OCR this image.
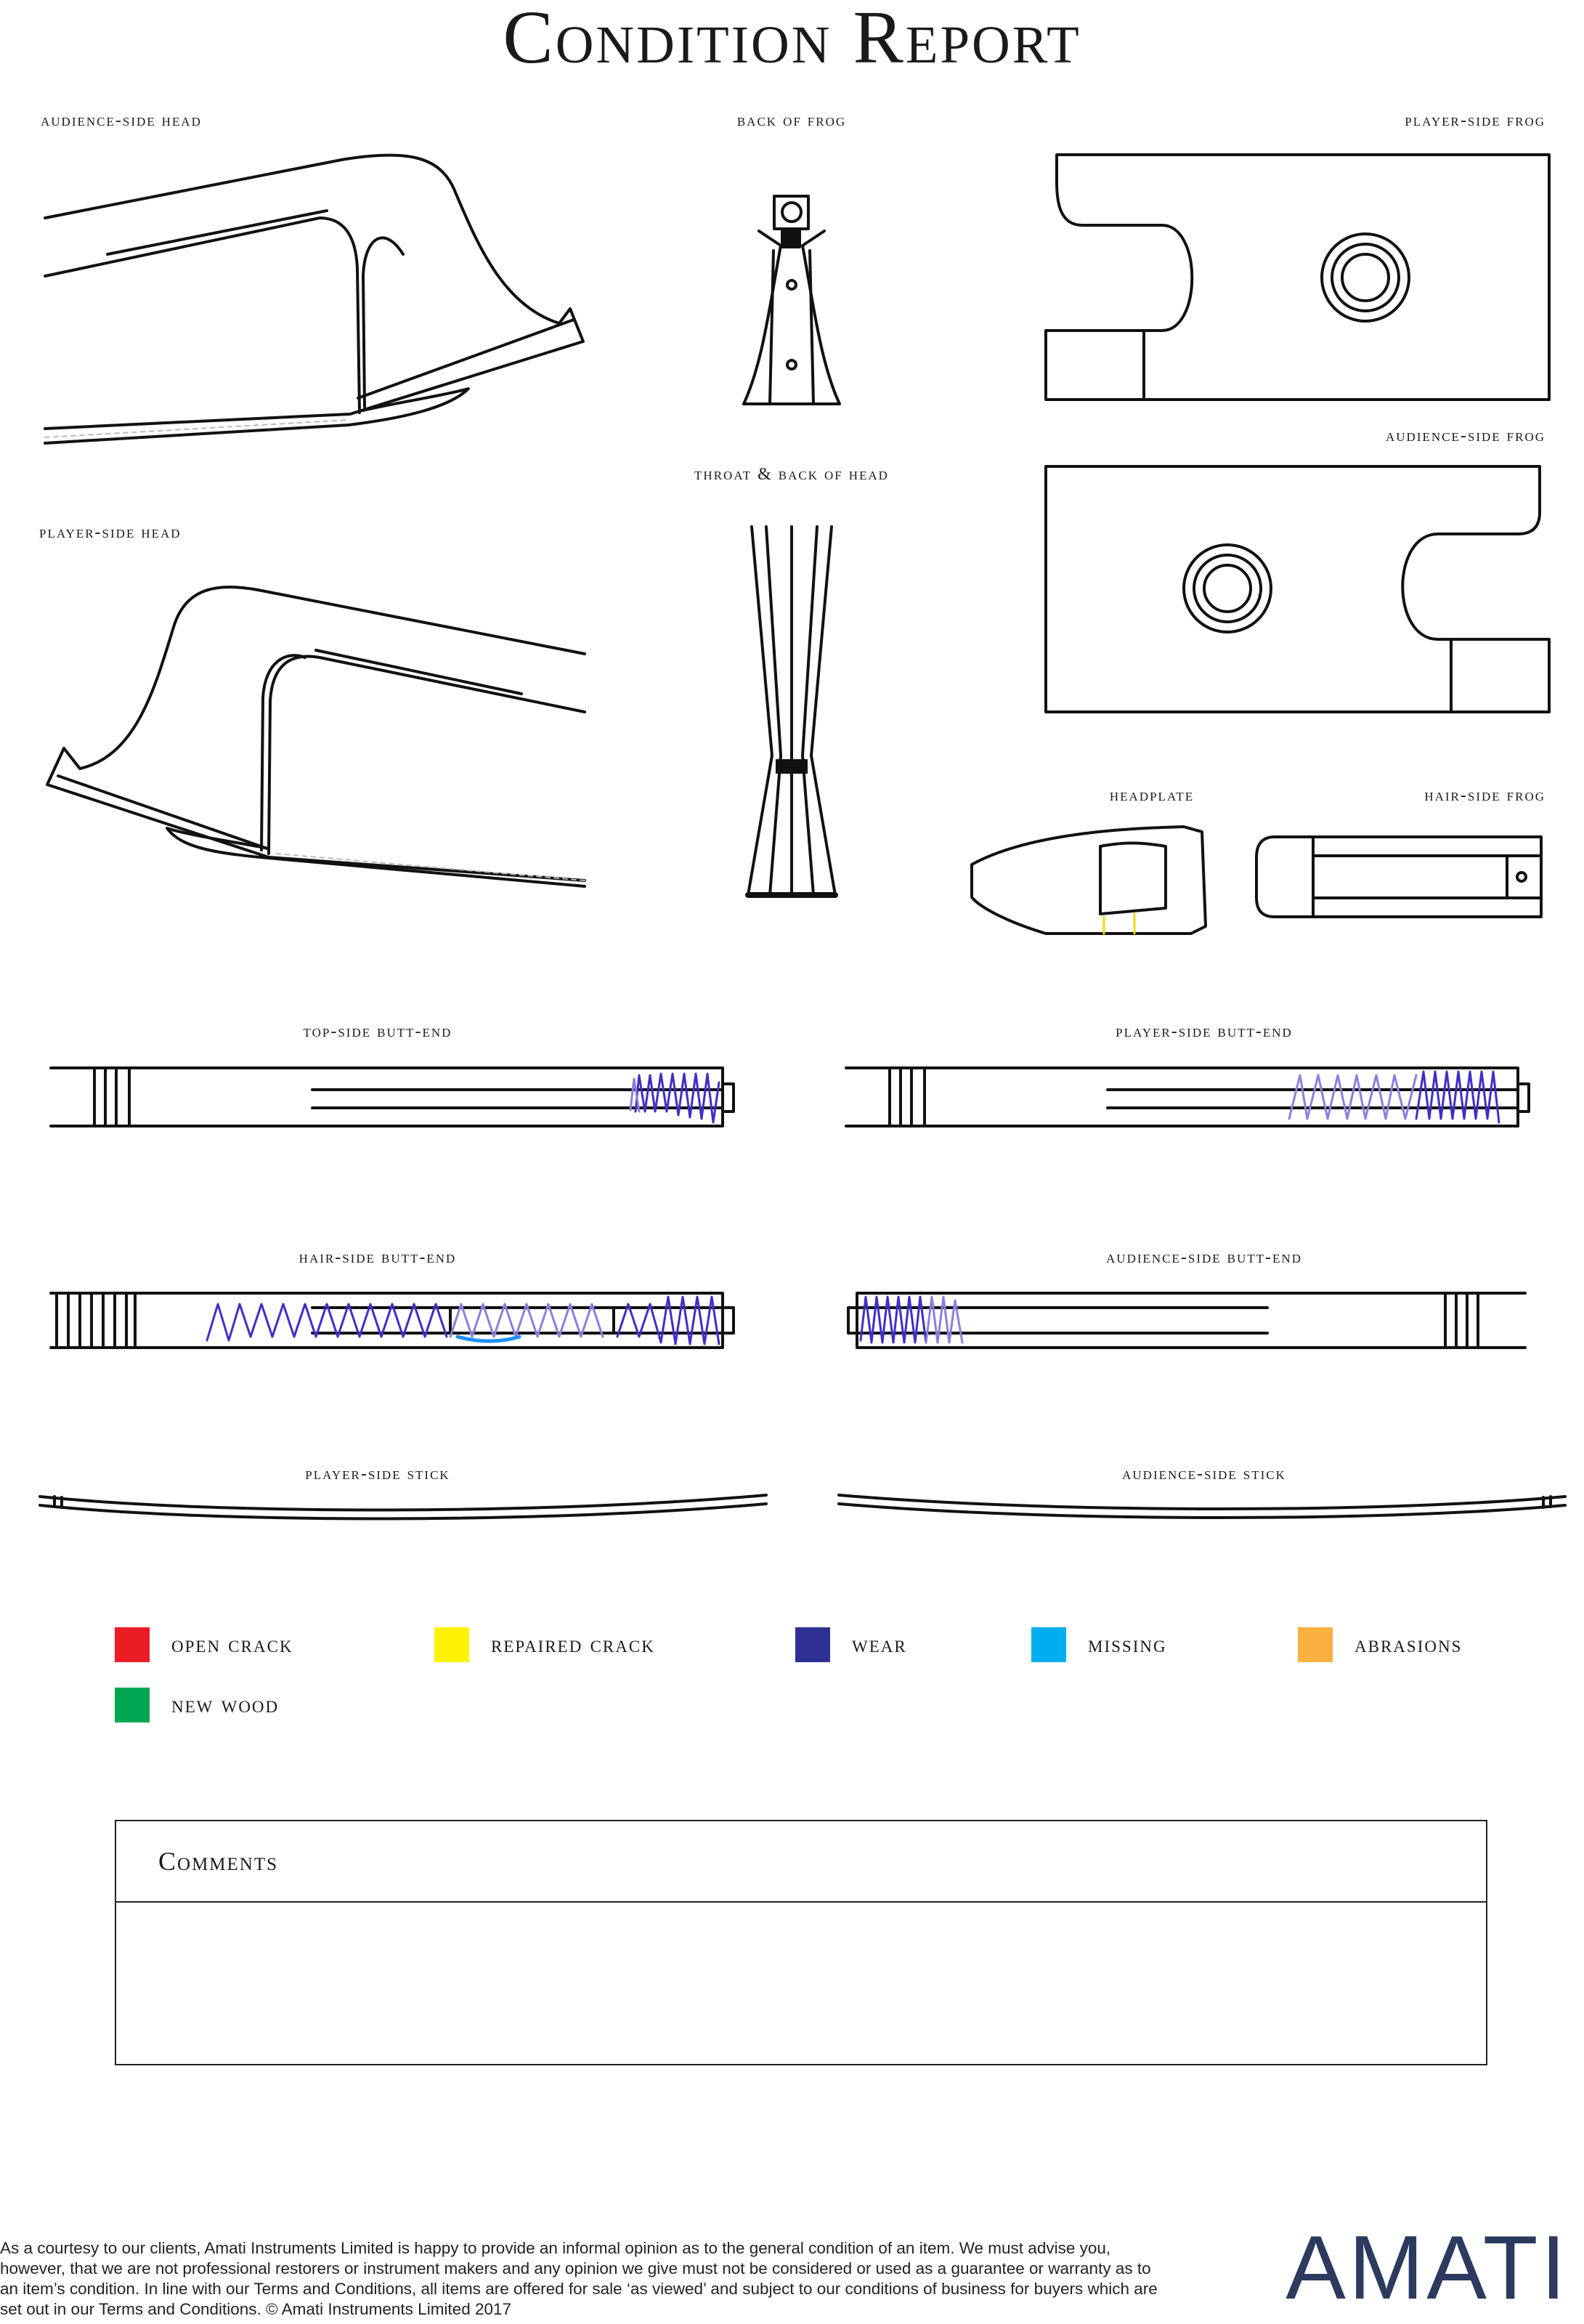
Condition Report
audience-side head	back of frog	player-side frog
audience-side frog
throat & back of head
player-side head
headplate	hair-side frog
top-side butt-end	player-side butt-end
hair-side butt-end	audience-side butt-end
player-side stick	audience-side stick
open crack	repaired crack	wear	missing	abrasions
new wood
Comments
As a courtesy to our clients, Amati Instruments Limited is happy to provide an informal opinion as to the general condition of an item. We must advise you, however, that we are not professional restorers or instrument makers and any opinion we give must not be considered or used as a guarantee or warranty as to an item’s condition. In line with our Terms and Conditions, all items are offered for sale ‘as viewed’ and subject to our conditions of business for buyers which are set out in our Terms and Conditions. © Amati Instruments Limited 2017	AMATI
